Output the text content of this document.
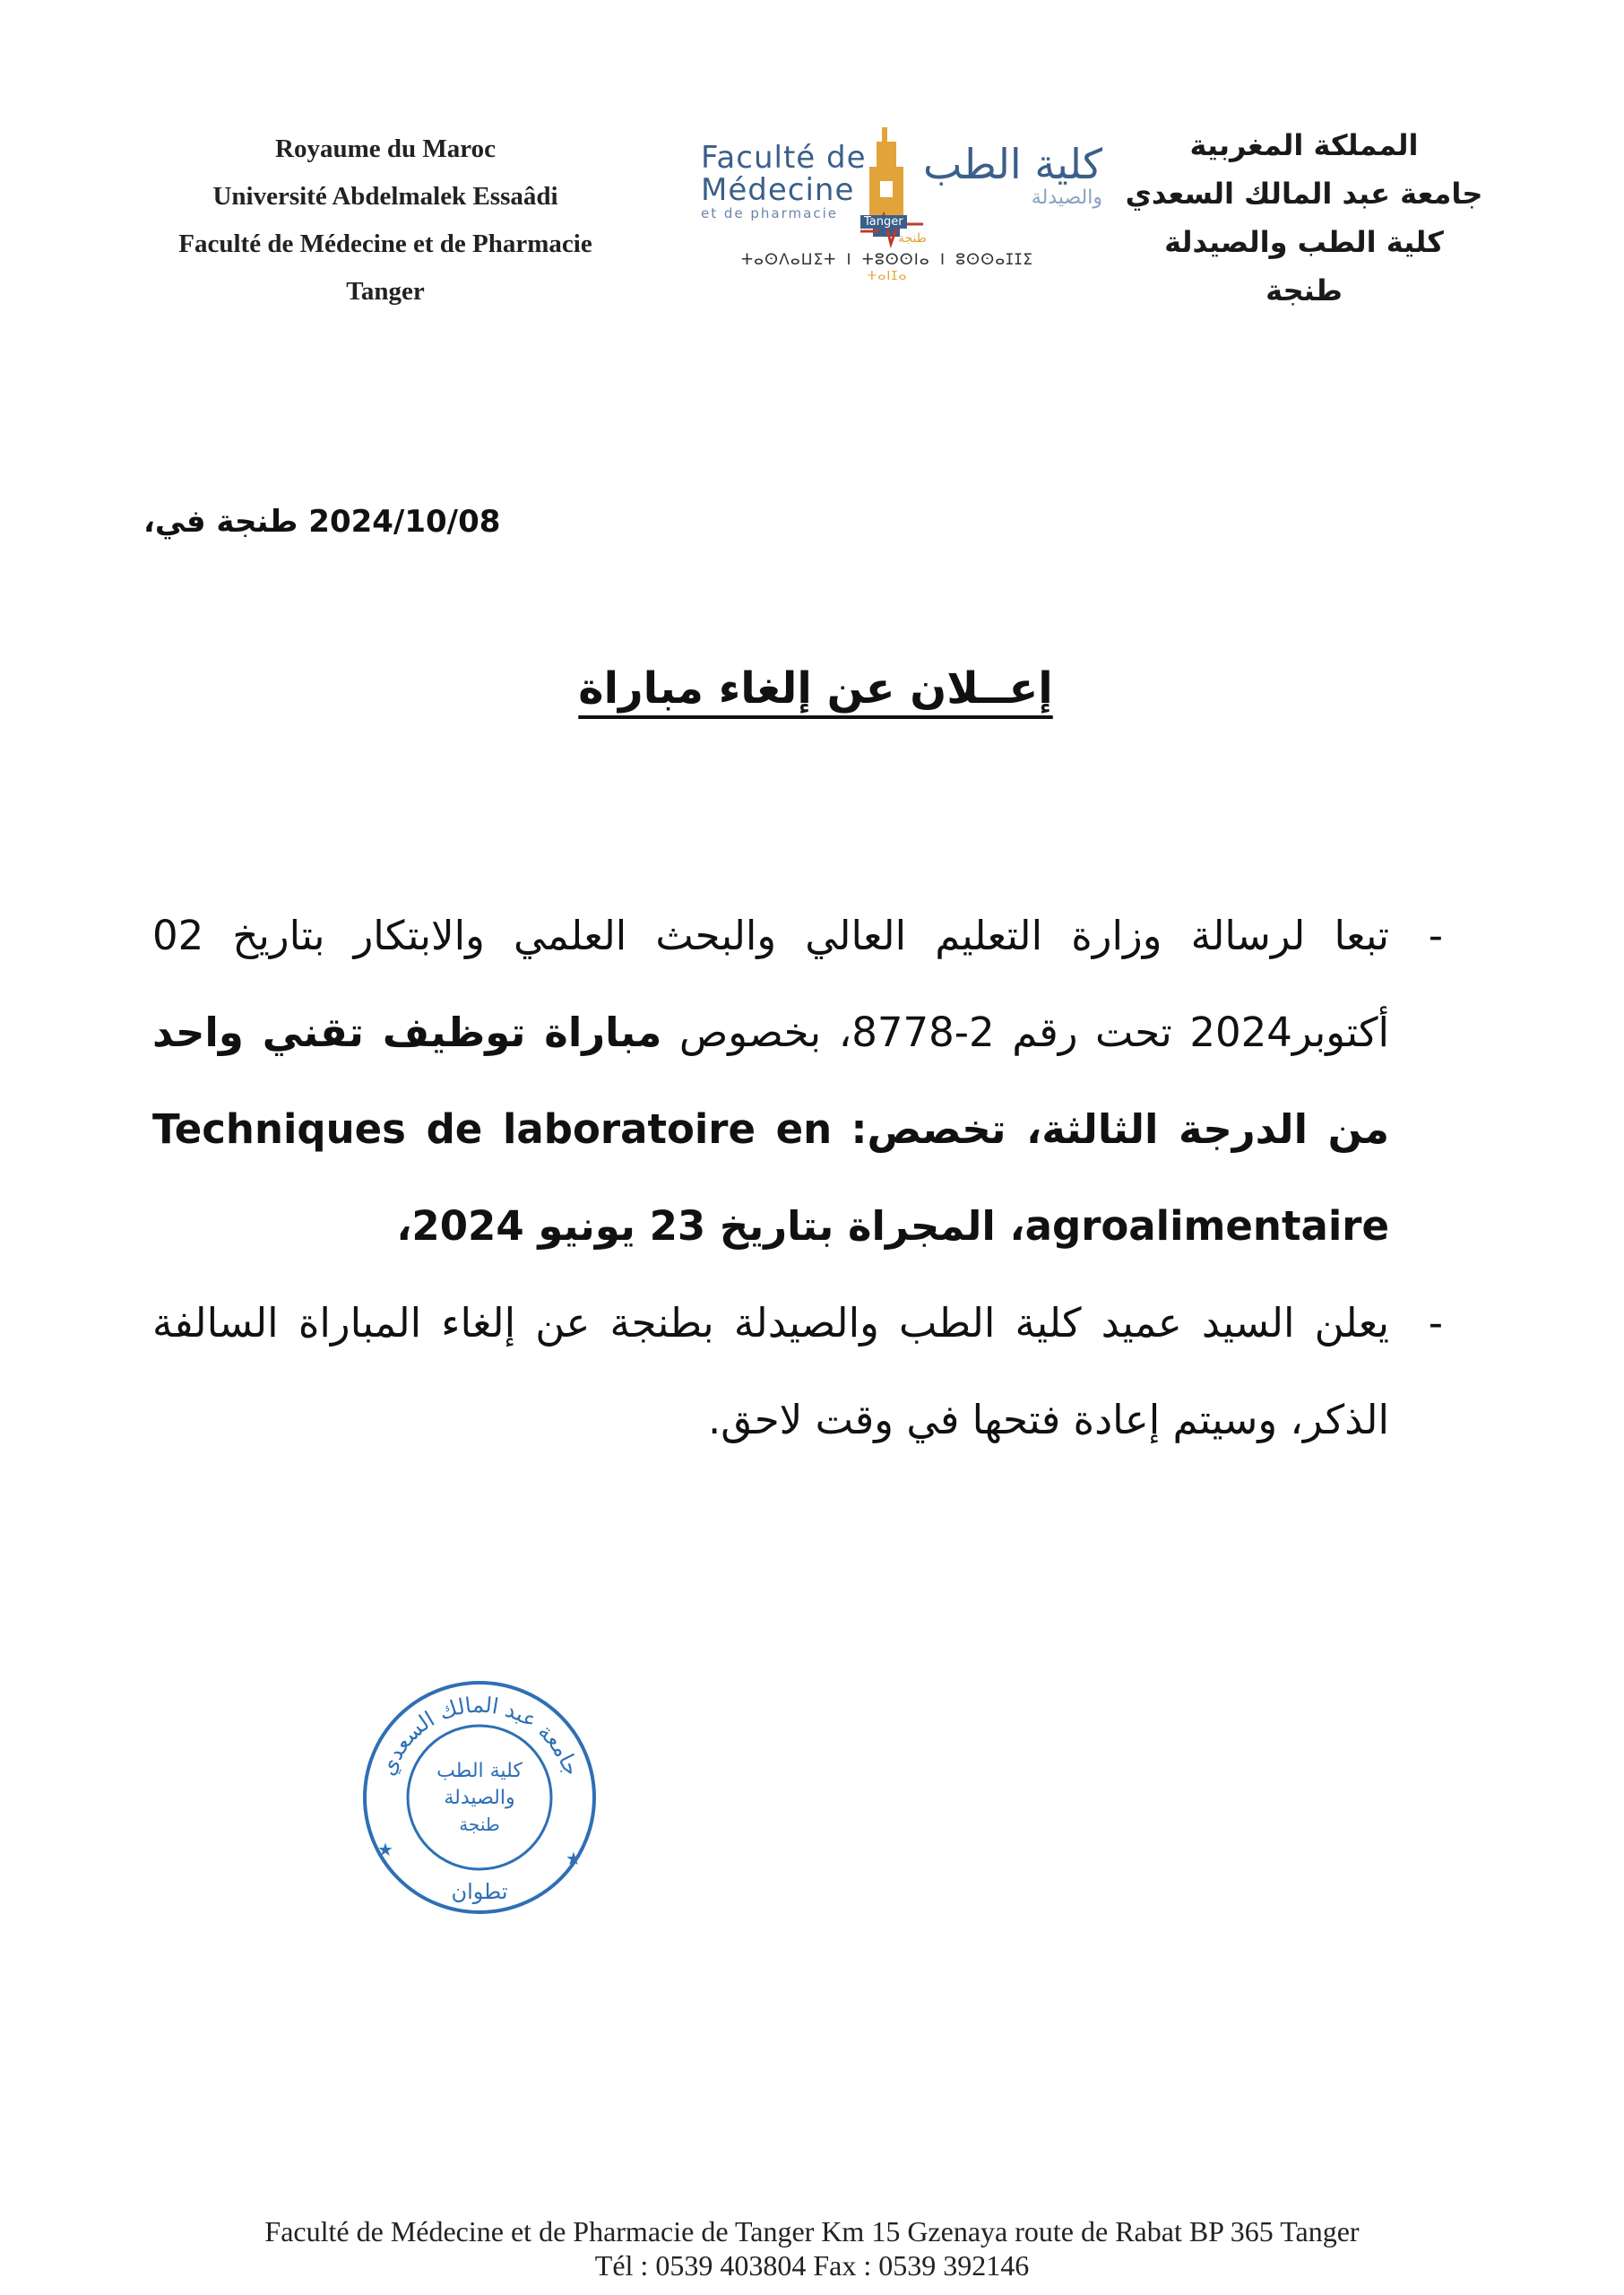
Royaume du Maroc
Université Abdelmalek Essaâdi
Faculté de Médecine et de Pharmacie
Tanger
Faculté de
Médecine
et de pharmacie
Tanger
طنجة
كلية الطب
والصيدلة
ⵜⴰⵙⴷⴰⵡⵉⵜ ⵏ ⵜⵓⵙⵙⵏⴰ ⵏ ⵓⵙⵙⴰⵊⵊⵉ
ⵜⴰⵏⵊⴰ
المملكة المغربية
جامعة عبد المالك السعدي
كلية الطب والصيدلة
طنجة
طنجة في، 2024/10/08
إعــلان عن إلغاء مباراة
-
تبعا لرسالة وزارة التعليم العالي والبحث العلمي والابتكار بتاريخ 02 أكتوبر2024 تحت رقم 2-8778، بخصوص مباراة توظيف تقني واحد من الدرجة الثالثة، تخصص: Techniques de laboratoire en agroalimentaire، المجراة بتاريخ 23 يونيو 2024،
-
يعلن السيد عميد كلية الطب والصيدلة بطنجة عن إلغاء المباراة السالفة الذكر، وسيتم إعادة فتحها في وقت لاحق.
جامعة عبد المالك السعدي
كلية الطب
والصيدلة
طنجة
تطوان
★	★
Faculté de Médecine et de Pharmacie de Tanger Km 15 Gzenaya route de Rabat BP 365 Tanger
Tél : 0539 403804 Fax : 0539 392146
